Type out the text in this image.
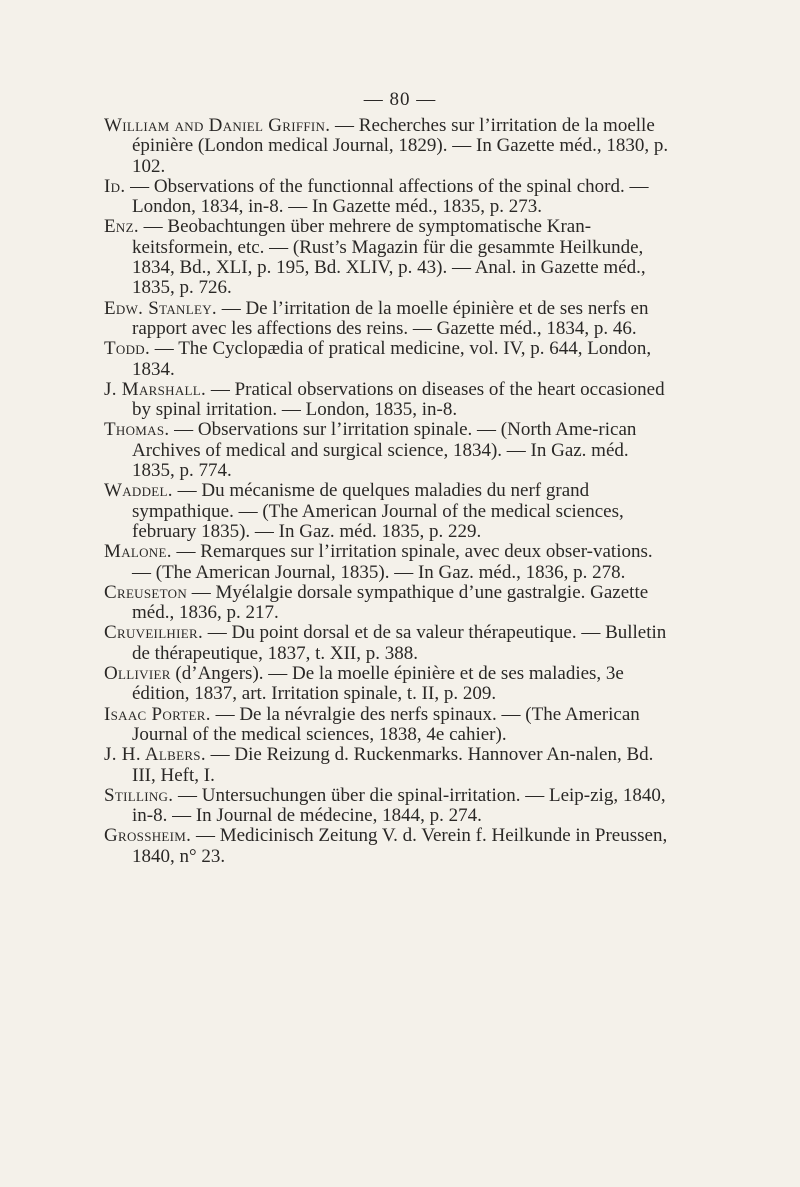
— 80 —

William and Daniel Griffin. — Recherches sur l’irritation de la moelle épinière (London medical Journal, 1829). — In Gazette méd., 1830, p. 102.

Id. — Observations of the functionnal affections of the spinal chord. — London, 1834, in-8. — In Gazette méd., 1835, p. 273.

Enz. — Beobachtungen über mehrere de symptomatische Kran-keitsformein, etc. — (Rust’s Magazin für die gesammte Heilkunde, 1834, Bd., XLI, p. 195, Bd. XLIV, p. 43). — Anal. in Gazette méd., 1835, p. 726.

Edw. Stanley. — De l’irritation de la moelle épinière et de ses nerfs en rapport avec les affections des reins. — Gazette méd., 1834, p. 46.

Todd. — The Cyclopædia of pratical medicine, vol. IV, p. 644, London, 1834.

J. Marshall. — Pratical observations on diseases of the heart occasioned by spinal irritation. — London, 1835, in-8.

Thomas. — Observations sur l’irritation spinale. — (North Ame-rican Archives of medical and surgical science, 1834). — In Gaz. méd. 1835, p. 774.

Waddel. — Du mécanisme de quelques maladies du nerf grand sympathique. — (The American Journal of the medical sciences, february 1835). — In Gaz. méd. 1835, p. 229.

Malone. — Remarques sur l’irritation spinale, avec deux obser-vations. — (The American Journal, 1835). — In Gaz. méd., 1836, p. 278.

Creuseton — Myélalgie dorsale sympathique d’une gastralgie. Gazette méd., 1836, p. 217.

Cruveilhier. — Du point dorsal et de sa valeur thérapeutique. — Bulletin de thérapeutique, 1837, t. XII, p. 388.

Ollivier (d’Angers). — De la moelle épinière et de ses maladies, 3e édition, 1837, art. Irritation spinale, t. II, p. 209.

Isaac Porter. — De la névralgie des nerfs spinaux. — (The American Journal of the medical sciences, 1838, 4e cahier).

J. H. Albers. — Die Reizung d. Ruckenmarks. Hannover An-nalen, Bd. III, Heft, I.

Stilling. — Untersuchungen über die spinal-irritation. — Leip-zig, 1840, in-8. — In Journal de médecine, 1844, p. 274.

Grossheim. — Medicinisch Zeitung V. d. Verein f. Heilkunde in Preussen, 1840, n° 23.
